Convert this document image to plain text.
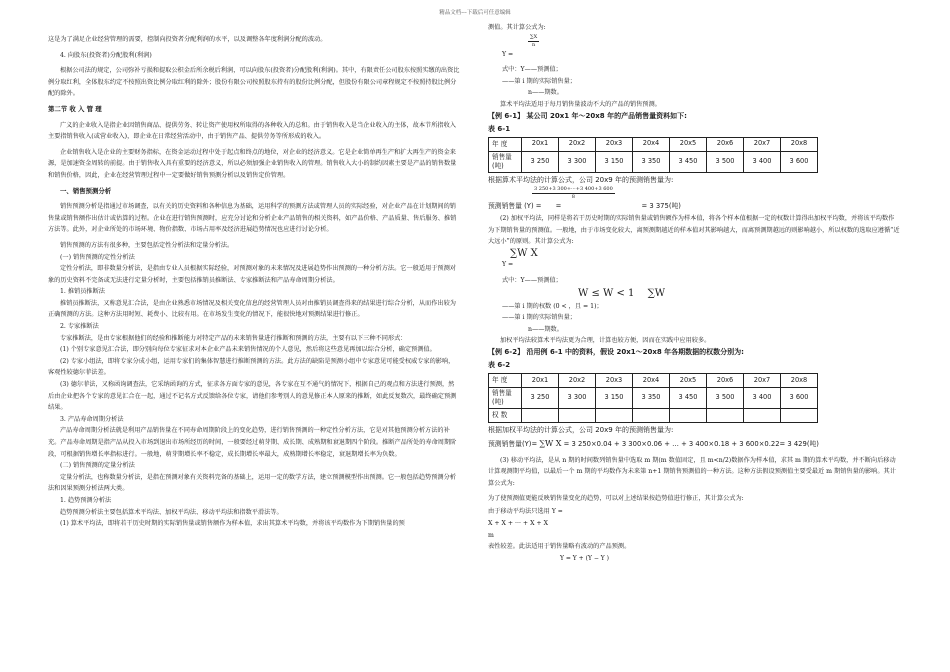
精品文档---下载后可任意编辑

这是为了满足企业经营管理的需要，控制向投资者分配利润的水平，以及调整各年度利润分配的波动。

4. 向股东(投资者)分配股利(利润)

根据公司法的规定，公司弥补亏损和提取公积金后所余税后利润，可以向股东(投资者)分配股利(利润)。其中，有限责任公司股东按照实缴的出资比例分取红利，全体股东约定不按照出资比例分取红利的除外；股份有限公司按照股东持有的股份比例分配，但股份有限公司章程规定不按照持股比例分配的除外。

第二节 收 入 管 理

广义的企业收入是指企业因销售商品、提供劳务、转让资产使用权所取得的各种收入的总和。由于销售收入是当企业收入的主体，故本节所指收入主要指销售收入(或营业收入)，即企业在日常经营活动中，由于销售产品、提供劳务等所形成的收入。

企业销售收入是企业的主要财务指标，在资金运动过程中处于起点和终点的地位，对企业的经济意义。它是企业简单再生产和扩大再生产的资金来源，是加速资金周转的前提。由于销售收入具有重要的经济意义，所以必须加强企业销售收入的管理。销售收入大小的制约因素主要是产品的销售数量和销售价格，因此，企业在经营管理过程中一定要做好销售预测分析以及销售定价管理。

一、销售预测分析

销售预测分析是指通过市场调查，以有关的历史资料和各种信息为基础，运用科学的预测方法或管理人员的实际经验，对企业产品在计划期间的销售量或销售额作出估计或估算的过程。企业在进行销售预测时，应充分讨论和分析企业产品销售的相关资料，如产品价格、产品质量、售后服务、推销方法等。此外，对企业所处的市场环境、物价指数、市场占用率及经济进展趋势情况也应进行讨论分析。

销售预测的方法有很多种，主要包括定性分析法和定量分析法。

(一) 销售预测的定性分析法

定性分析法，即非数量分析法，是指由专业人员根据实际经验，对预测对象的未来情况及进展趋势作出预测的一种分析方法。它一般适用于预测对象的历史资料不完备或无法进行定量分析时，主要包括推销员推断法、专家推断法和产品寿命周期分析法。

1. 推销员推断法

推销员推断法，又称意见汇合法，是由企业熟悉市场情况及相关变化信息的经营管理人员对由推销员调查得来的结果进行综合分析，从而作出较为正确预测的方法。这种方法用时短、耗费小、比较有用。在市场发生变化的情况下，能很快地对预测结果进行修正。

2. 专家推断法

专家推断法，是由专家根据他们的经验和推断能力对特定产品的未来销售量进行推断和预测的方法，主要有以下三种不同形式：

(1) 个别专家意见汇合法，即分别向每位专家征求对本企业产品未来销售情况的个人意见，然后将这些意见再加以综合分析，确定预测值。

(2) 专家小组法，即将专家分成小组，运用专家们的集体智慧进行推断预测的方法。此方法的缺陷是预测小组中专家意见可能受权威专家的影响，客观性较德尔菲法差。

(3) 德尔菲法，又称函询调查法，它采纳函询的方式，征求各方面专家的意见，各专家在互不通气的情况下，根据自己的观点和方法进行预测，然后由企业把各个专家的意见汇合在一起，通过不记名方式反馈给各位专家，请他们参考别人的意见修正本人原来的推断，如此反复数次，最终确定预测结果。

3. 产品寿命周期分析法

产品寿命周期分析法就是利用产品销售量在不同寿命周期阶段上的变化趋势，进行销售预测的一种定性分析方法，它是对其他预测分析方法的补充。产品寿命周期是指产品从投入市场到退出市场所经历的时间，一般要经过萌芽期、成长期、成熟期和衰退期四个阶段。推断产品所处的寿命周期阶段，可根据销售增长率指标进行。一般地，萌芽期增长率不稳定，成长期增长率最大，成熟期增长率稳定，衰退期增长率为负数。

(二) 销售预测的定量分析法

定量分析法，也称数量分析法，是指在预测对象有关资料完备的基础上，运用一定的数学方法，建立预测模型作出预测。它一般包括趋势预测分析法和因果预测分析法两大类。

1. 趋势预测分析法

趋势预测分析法主要包括算术平均法、加权平均法、移动平均法和指数平滑法等。

(1) 算术平均法，即将若干历史时期的实际销售量或销售额作为样本值，求出其算术平均数，并将该平均数作为下期销售量的预

测值。其计算公式为:

$\frac{\sum X}{n}$

Y =

式中：Y——预测值；

——第 i 期的实际销售量；

n——期数。

算术平均法适用于每月销售量波动不大的产品的销售预测。

【例 6-1】 某公司 20x1 年～20x8 年的产品销售量资料如下:

表 6-1
年 度	20x1	20x2	20x3	20x4	20x5	20x6	20x7	20x8
销售量(吨)	3 250	3 300	3 150	3 350	3 450	3 500	3 400	3 600

根据算术平均法的计算公式，公司 20x9 年的预测销售量为:

$\frac{3 250+3 300+\cdot\cdot\cdot+3 400+3 600}{8}$

预测销售量 (Y) = =	= 3 375(吨)

(2) 加权平均法，同样是将若干历史时期的实际销售量或销售额作为样本值，将各个样本值根据一定的权数计算得出加权平均数，并将该平均数作为下期销售量的预测值。一般地，由于市场变化较大，离预测期越近的样本值对其影响越大，而离预测期越远的则影响越小，所以权数的选取应遵循“近大远小”的原则。其计算公式为:

∑W X

Y =

式中：Y——预测值；

W ≤ W < 1 ∑W

——第 i 期的权数 (0 < ，且 = 1)；

——第 i 期的实际销售量；

n——期数。

加权平均法较算术平均法更为合理，计算也较方便，因而在实践中应用较多。

【例 6-2】 沿用例 6-1 中的资料，假设 20x1～20x8 年各期数据的权数分别为:

表 6-2
年 度	20x1	20x2	20x3	20x4	20x5	20x6	20x7	20x8
销售量(吨)	3 250	3 300	3 150	3 350	3 450	3 500	3 400	3 600
权 数								

根据加权平均法的计算公式，公司 20x9 年的预测销售量为:

预测销售量(Y)= ∑W X = 3 250×0.04 + 3 300×0.06 + … + 3 400×0.18 + 3 600×0.22= 3 429(吨)

(3) 移动平均法，是从 n 期的时间数列销售量中选取 m 期(m 数值固定，且 m<n/2)数据作为样本值，求其 m 期的算术平均数，并不断向后移动计算观测期平均值，以最后一个 m 期的平均数作为未来第 n+1 期销售预测值的一种方法。这种方法假设预测值主要受最近 m 期销售量的影响。其计算公式为:

为了使预测值更能反映销售量变化的趋势，可以对上述结果按趋势值进行修正，其计算公式为:

由于移动平均法只选用 Y =

X + X + ··· + X + X
m
表性较差。此法适用于销售量略有波动的产品预测。

Y = Y + (Y − Y )
